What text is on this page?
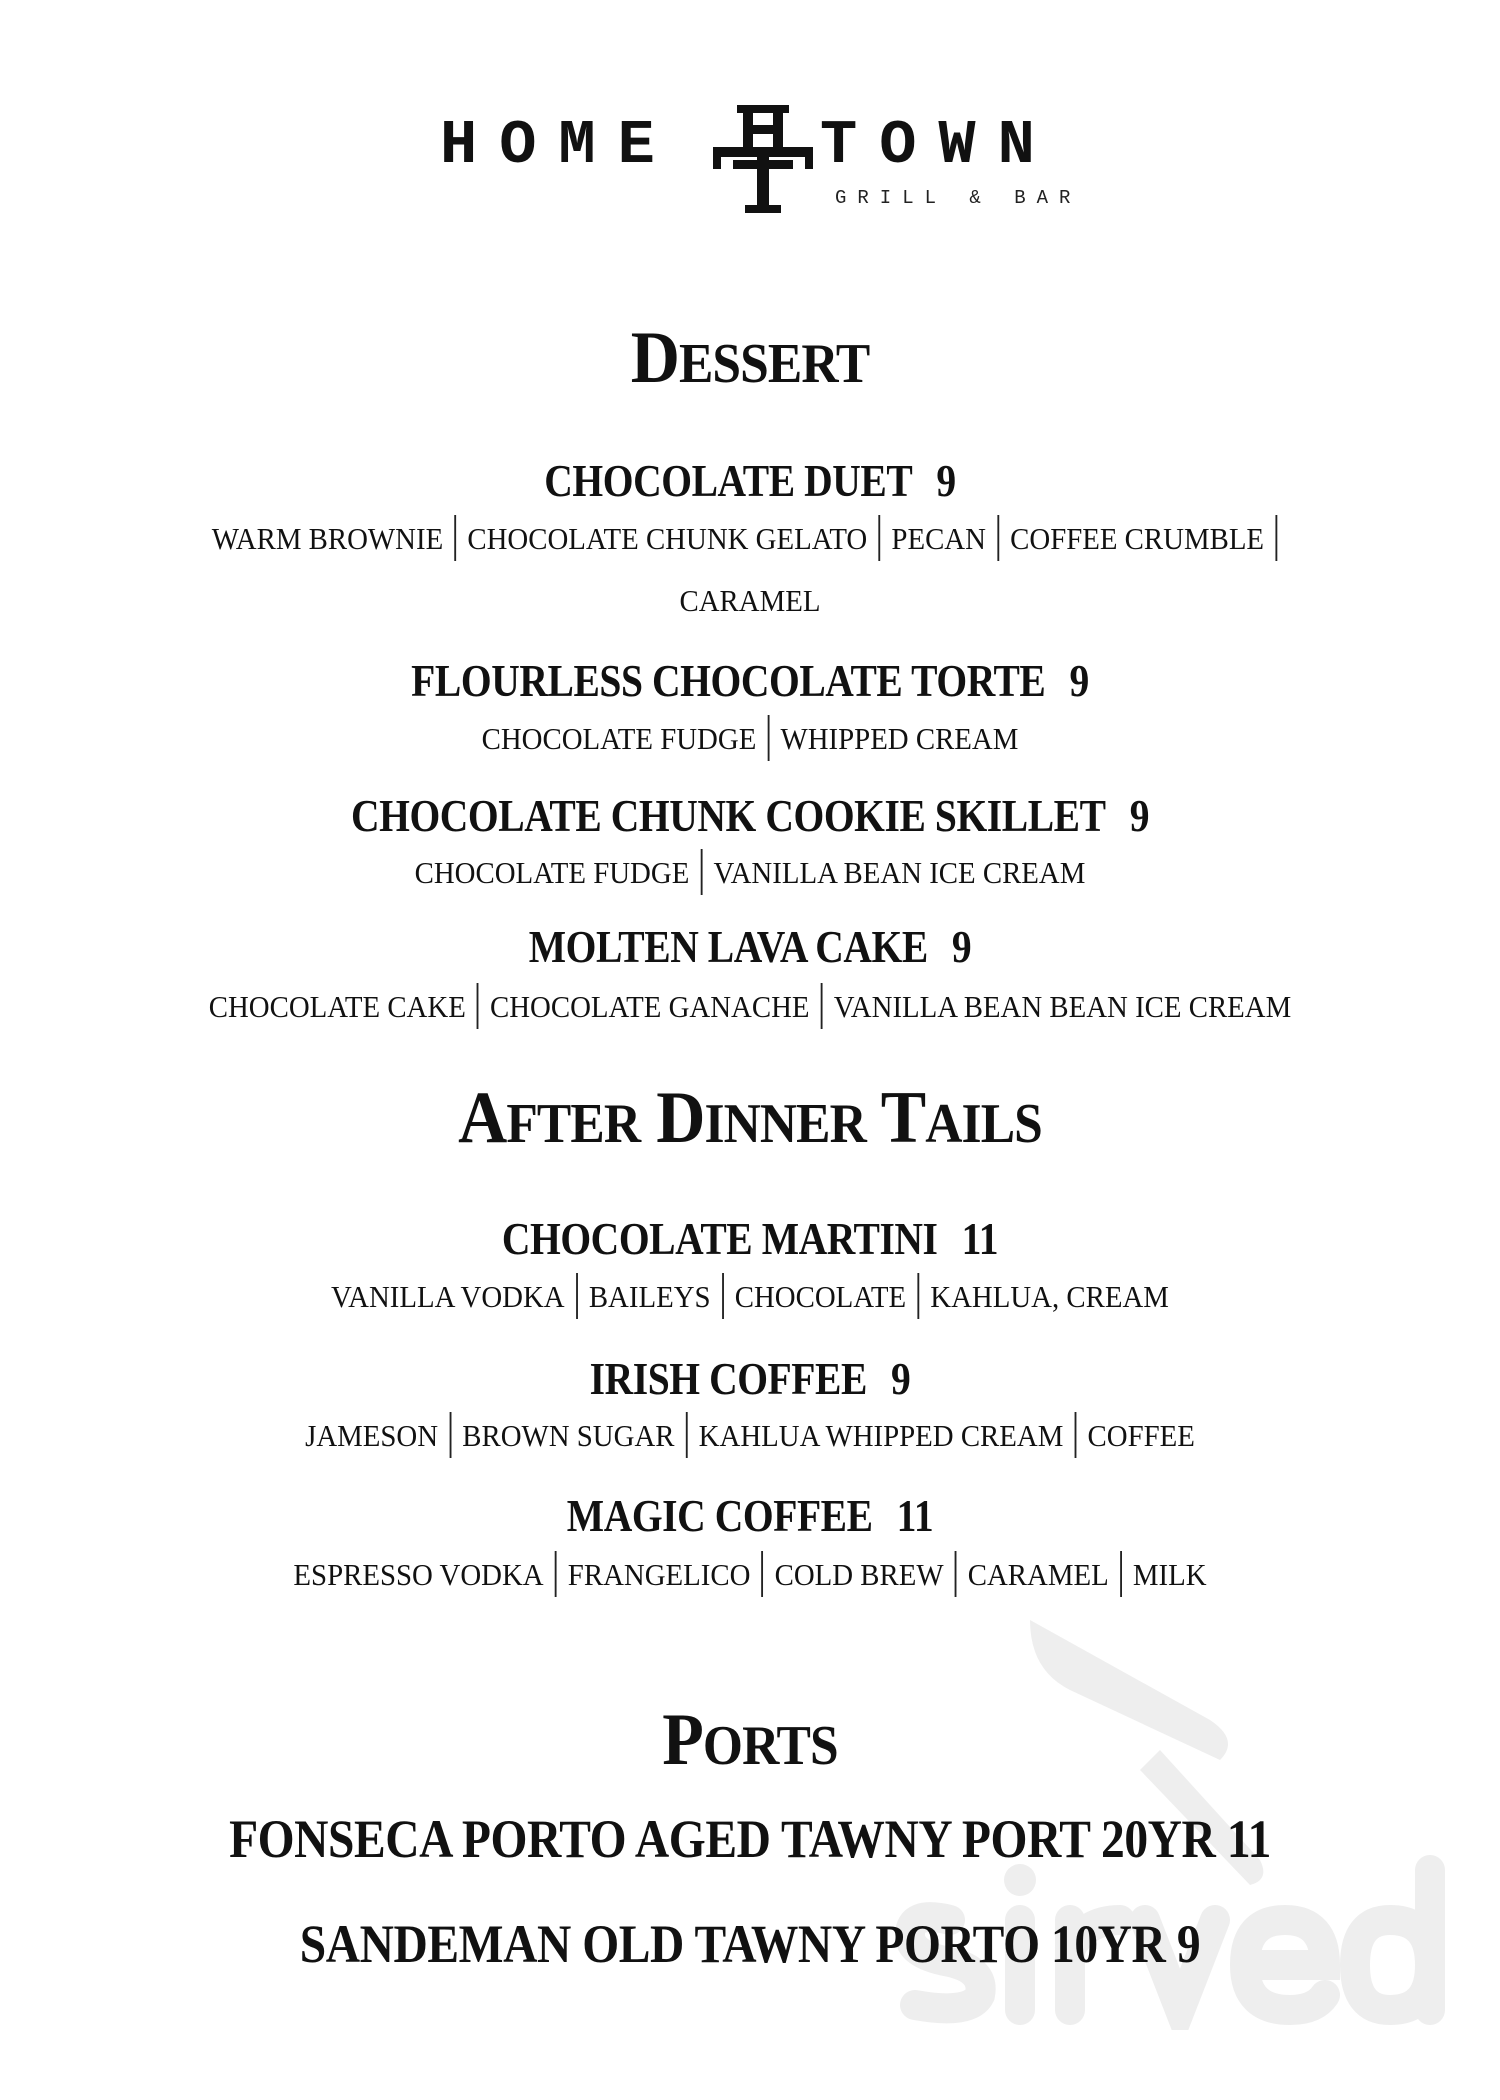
HOME TOWN
GRILL & BAR
DESSERT
CHOCOLATE DUET 9
WARM BROWNIE CHOCOLATE CHUNK GELATO PECAN COFFEE CRUMBLE
CARAMEL
FLOURLESS CHOCOLATE TORTE 9
CHOCOLATE FUDGE WHIPPED CREAM
CHOCOLATE CHUNK COOKIE SKILLET 9
CHOCOLATE FUDGE VANILLA BEAN ICE CREAM
MOLTEN LAVA CAKE 9
CHOCOLATE CAKE CHOCOLATE GANACHE VANILLA BEAN BEAN ICE CREAM
AFTER DINNER TAILS
CHOCOLATE MARTINI 11
VANILLA VODKA BAILEYS CHOCOLATE KAHLUA, CREAM
IRISH COFFEE 9
JAMESON BROWN SUGAR KAHLUA WHIPPED CREAM COFFEE
MAGIC COFFEE 11
ESPRESSO VODKA FRANGELICO COLD BREW CARAMEL MILK
PORTS
FONSECA PORTO AGED TAWNY PORT 20YR 11
SANDEMAN OLD TAWNY PORTO 10YR 9
